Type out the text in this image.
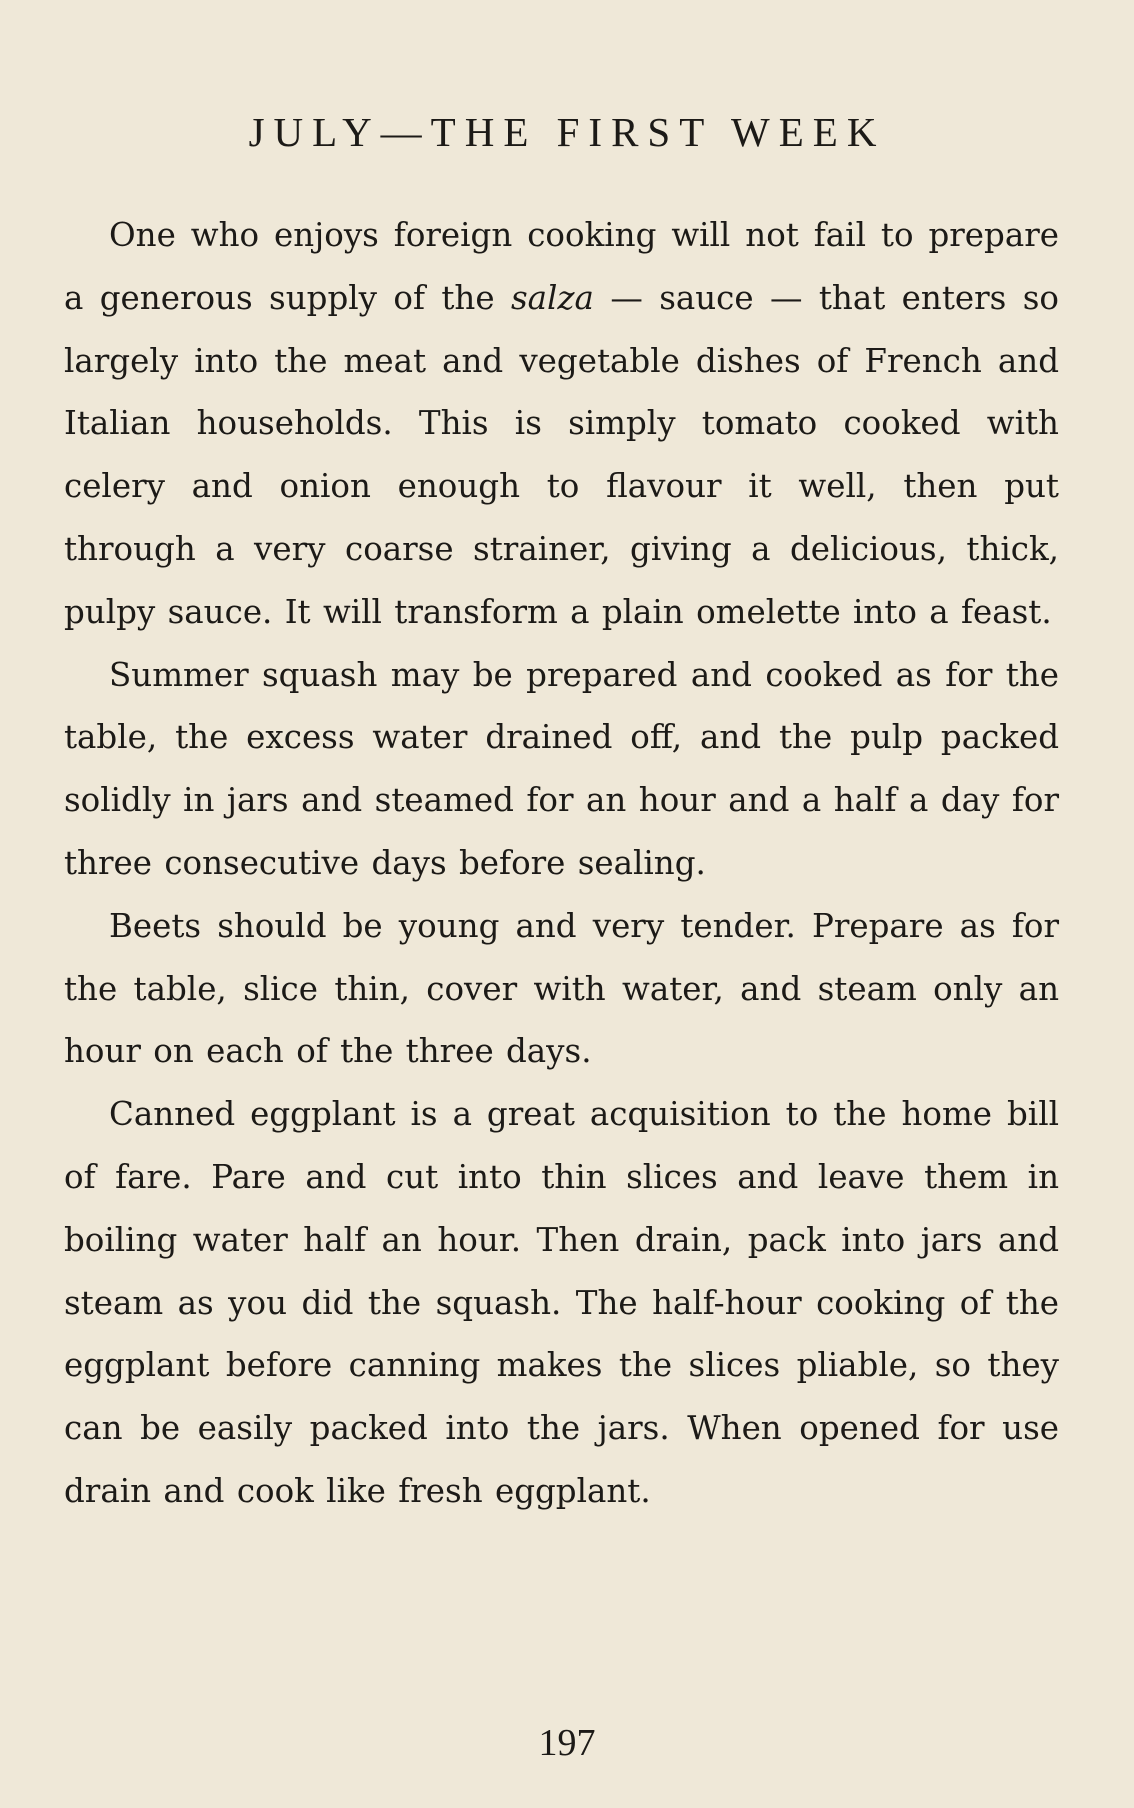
JULY—THE FIRST WEEK

One who enjoys foreign cooking will not fail to prepare a generous supply of the salza — sauce — that enters so largely into the meat and vegetable dishes of French and Italian households. This is simply tomato cooked with celery and onion enough to flavour it well, then put through a very coarse strainer, giving a delicious, thick, pulpy sauce. It will transform a plain omelette into a feast.

Summer squash may be prepared and cooked as for the table, the excess water drained off, and the pulp packed solidly in jars and steamed for an hour and a half a day for three consecutive days before sealing.

Beets should be young and very tender. Prepare as for the table, slice thin, cover with water, and steam only an hour on each of the three days.

Canned eggplant is a great acquisition to the home bill of fare. Pare and cut into thin slices and leave them in boiling water half an hour. Then drain, pack into jars and steam as you did the squash. The half-hour cooking of the eggplant before canning makes the slices pliable, so they can be easily packed into the jars. When opened for use drain and cook like fresh eggplant.

197
